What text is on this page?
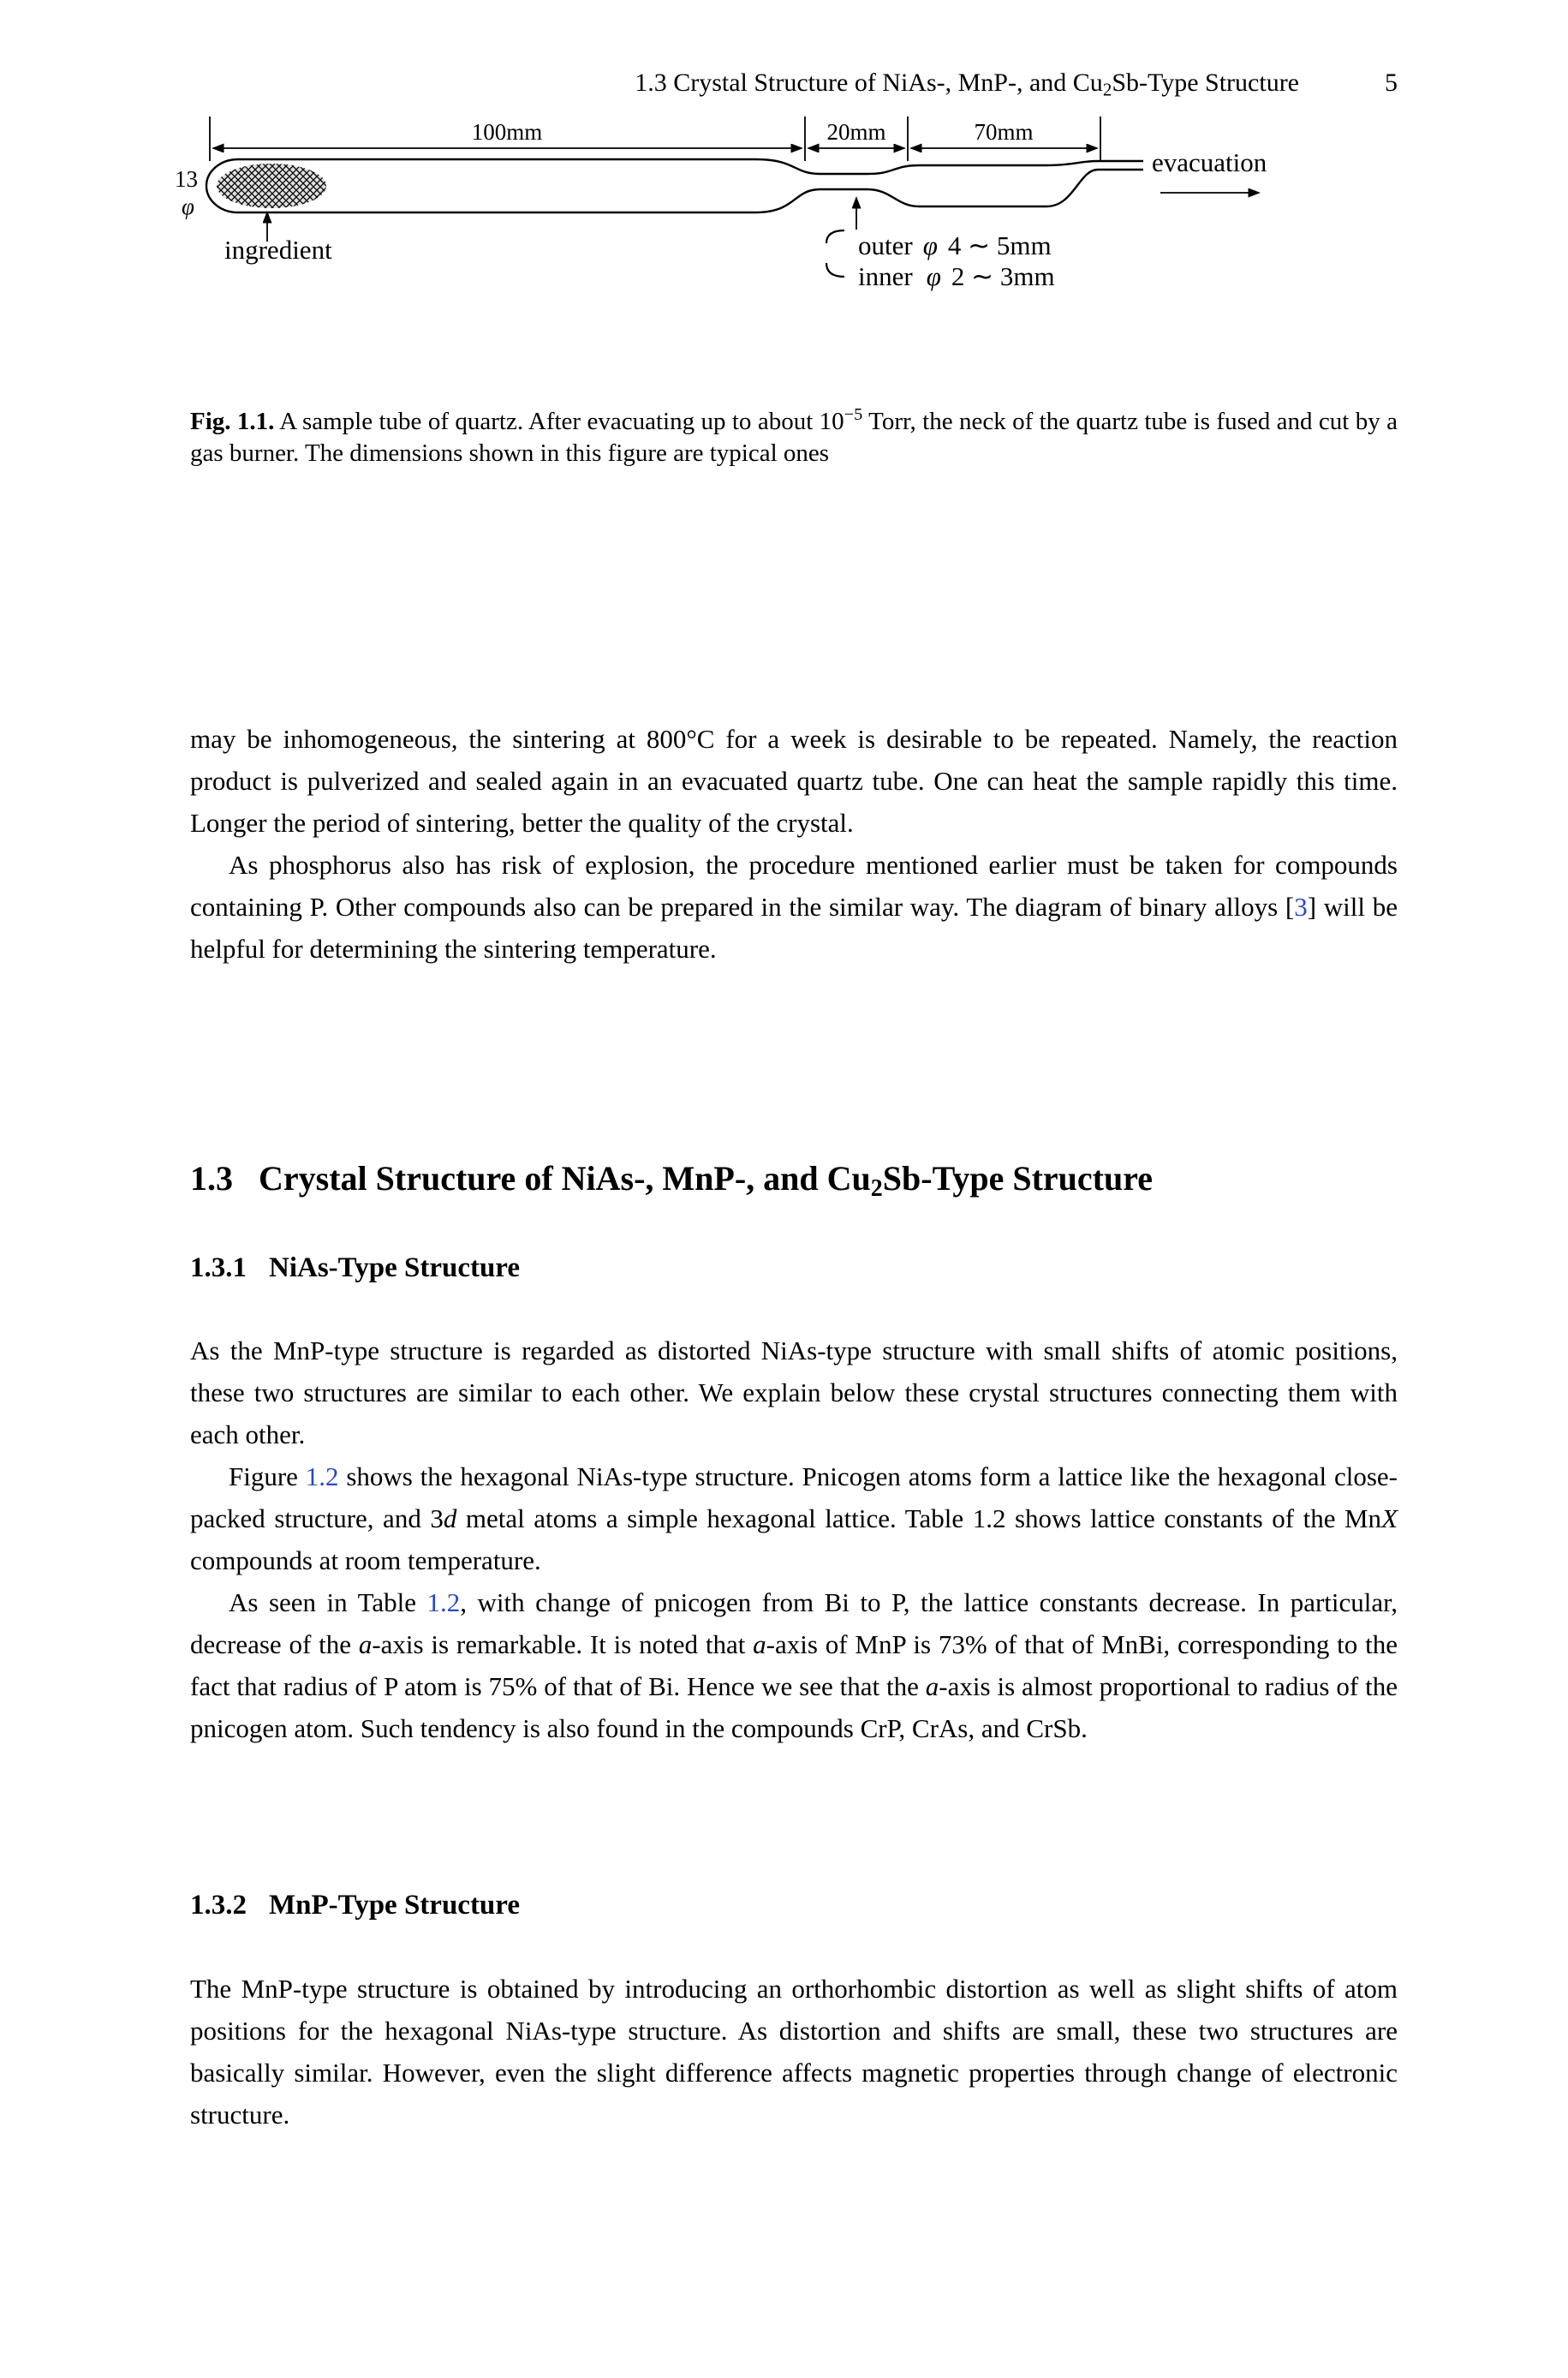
1.3 Crystal Structure of NiAs-, MnP-, and Cu2Sb-Type Structure	5
100mm	20mm	70mm
evacuation
13
φ
ingredient	outer φ 4 ∼ 5mm
inner φ 2 ∼ 3mm

Fig. 1.1. A sample tube of quartz. After evacuating up to about $10^{-5}$ Torr, the neck of the quartz tube is fused and cut by a gas burner. The dimensions shown in this figure are typical ones

may be inhomogeneous, the sintering at 800°C for a week is desirable to be repeated. Namely, the reaction product is pulverized and sealed again in an evacuated quartz tube. One can heat the sample rapidly this time. Longer the period of sintering, better the quality of the crystal.

As phosphorus also has risk of explosion, the procedure mentioned earlier must be taken for compounds containing P. Other compounds also can be prepared in the similar way. The diagram of binary alloys [3] will be helpful for determining the sintering temperature.

1.3 Crystal Structure of NiAs-, MnP-, and Cu2Sb-Type Structure
1.3.1 NiAs-Type Structure

As the MnP-type structure is regarded as distorted NiAs-type structure with small shifts of atomic positions, these two structures are similar to each other. We explain below these crystal structures connecting them with each other.

Figure 1.2 shows the hexagonal NiAs-type structure. Pnicogen atoms form a lattice like the hexagonal close-packed structure, and 3d metal atoms a simple hexagonal lattice. Table 1.2 shows lattice constants of the MnX compounds at room temperature.

As seen in Table 1.2, with change of pnicogen from Bi to P, the lattice constants decrease. In particular, decrease of the a-axis is remarkable. It is noted that a-axis of MnP is 73% of that of MnBi, corresponding to the fact that radius of P atom is 75% of that of Bi. Hence we see that the a-axis is almost proportional to radius of the pnicogen atom. Such tendency is also found in the compounds CrP, CrAs, and CrSb.

1.3.2 MnP-Type Structure

The MnP-type structure is obtained by introducing an orthorhombic distortion as well as slight shifts of atom positions for the hexagonal NiAs-type structure. As distortion and shifts are small, these two structures are basically similar. However, even the slight difference affects magnetic properties through change of electronic structure.
